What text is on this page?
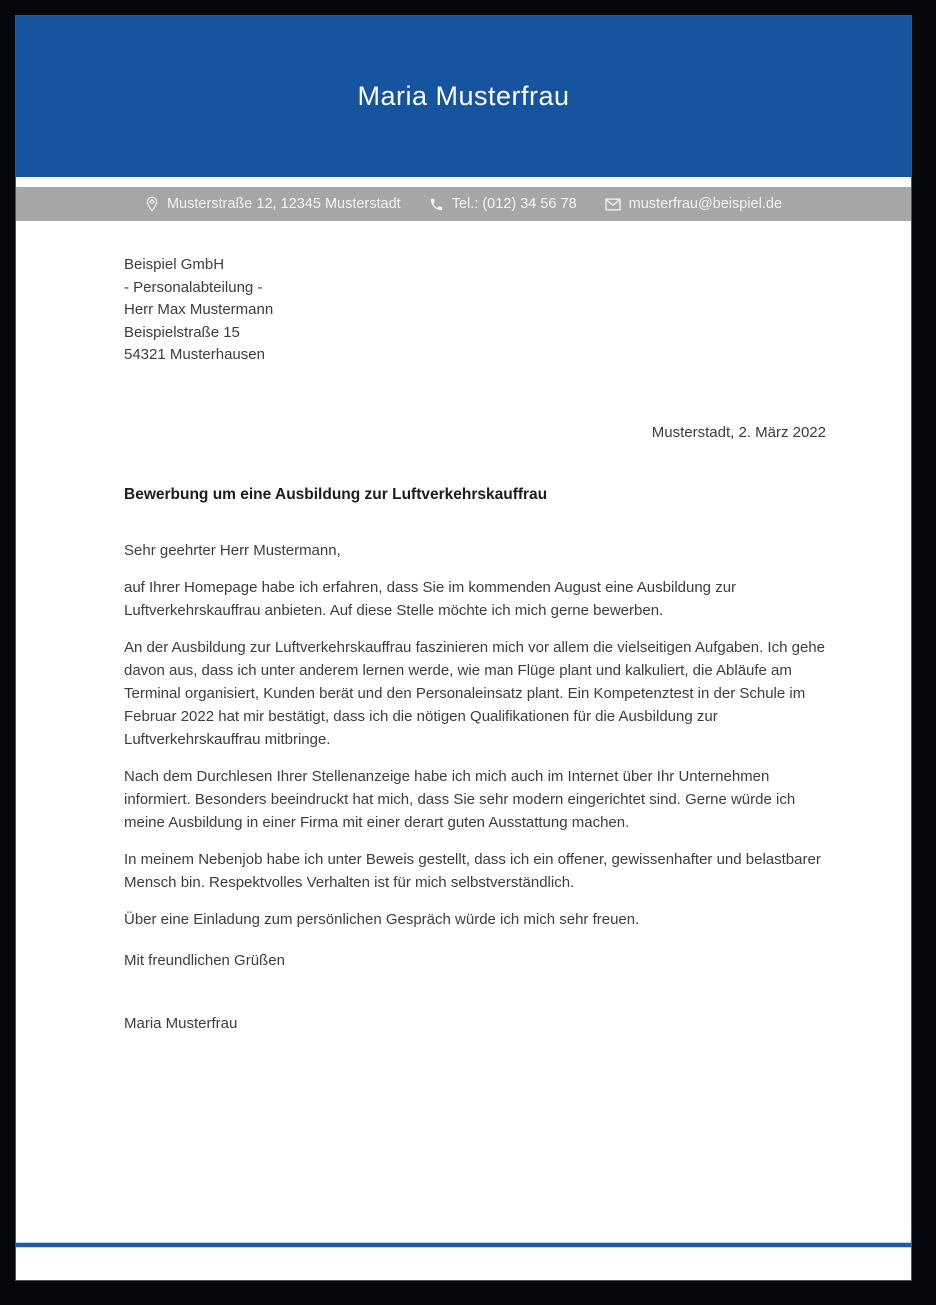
Maria Musterfrau
Musterstraße 12, 12345 Musterstadt	Tel.: (012) 34 56 78	musterfrau@beispiel.de
Beispiel GmbH
- Personalabteilung -
Herr Max Mustermann
Beispielstraße 15
54321 Musterhausen
Musterstadt, 2. März 2022
Bewerbung um eine Ausbildung zur Luftverkehrskauffrau

Sehr geehrter Herr Mustermann,

auf Ihrer Homepage habe ich erfahren, dass Sie im kommenden August eine Ausbildung zur Luftverkehrskauffrau anbieten. Auf diese Stelle möchte ich mich gerne bewerben.

An der Ausbildung zur Luftverkehrskauffrau faszinieren mich vor allem die vielseitigen Aufgaben. Ich gehe davon aus, dass ich unter anderem lernen werde, wie man Flüge plant und kalkuliert, die Abläufe am Terminal organisiert, Kunden berät und den Personaleinsatz plant. Ein Kompetenztest in der Schule im Februar 2022 hat mir bestätigt, dass ich die nötigen Qualifikationen für die Ausbildung zur Luftverkehrskauffrau mitbringe.

Nach dem Durchlesen Ihrer Stellenanzeige habe ich mich auch im Internet über Ihr Unternehmen informiert. Besonders beeindruckt hat mich, dass Sie sehr modern eingerichtet sind. Gerne würde ich meine Ausbildung in einer Firma mit einer derart guten Ausstattung machen.

In meinem Nebenjob habe ich unter Beweis gestellt, dass ich ein offener, gewissenhafter und belastbarer Mensch bin. Respektvolles Verhalten ist für mich selbstverständlich.

Über eine Einladung zum persönlichen Gespräch würde ich mich sehr freuen.

Mit freundlichen Grüßen

Maria Musterfrau
